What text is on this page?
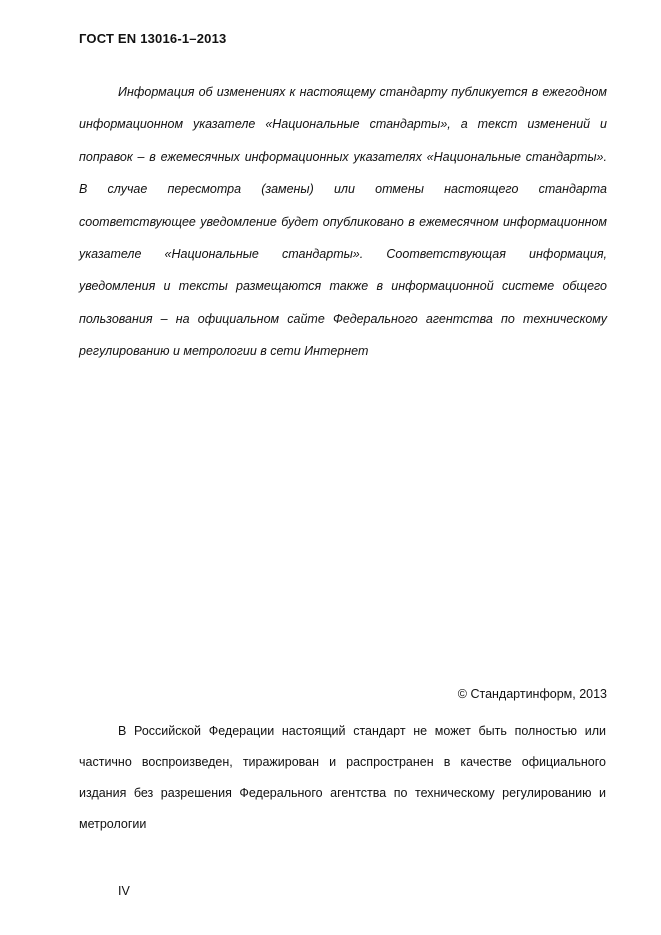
ГОСТ EN 13016-1–2013

Информация об изменениях к настоящему стандарту публикуется в ежегодном информационном указателе «Национальные стандарты», а текст изменений и поправок – в ежемесячных информационных указателях «Национальные стандарты». В случае пересмотра (замены) или отмены настоящего стандарта соответствующее уведомление будет опубликовано в ежемесячном информационном указателе «Национальные стандарты». Соответствующая информация, уведомления и тексты размещаются также в информационной системе общего пользования – на официальном сайте Федерального агентства по техническому регулированию и метрологии в сети Интернет

© Стандартинформ, 2013

В Российской Федерации настоящий стандарт не может быть полностью или частично воспроизведен, тиражирован и распространен в качестве официального издания без разрешения Федерального агентства по техническому регулированию и метрологии

IV
